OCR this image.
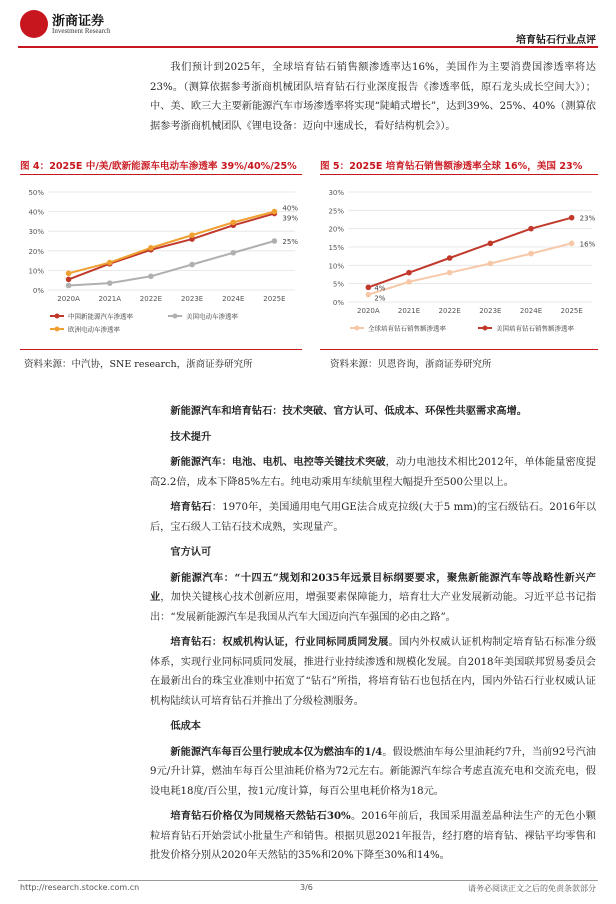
浙商证券
Investment Research
培育钻石行业点评

我们预计到2025年，全球培育钻石销售额渗透率达16%，美国作为主要消费国渗透率将达23%。（测算依据参考浙商机械团队培育钻石行业深度报告《渗透率低，原石龙头成长空间大》）；中、美、欧三大主要新能源汽车市场渗透率将实现“陡峭式增长”，达到39%、25%、40%（测算依据参考浙商机械团队《锂电设备：迈向中速成长，看好结构机会》）。

图 4：2025E 中/美/欧新能源车电动车渗透率 39%/40%/25% 图 5：2025E 培育钻石销售额渗透率全球 16%，美国 23%
0%
10%
20%
30%
40%
50%
2020A	2021A	2022E	2023E	2024E	2025E
39%
25%
40%
中国新能源汽车渗透率	美国电动车渗透率
欧洲电动车渗透率
0%
5%
10%
15%
20%
25%
30%
2020A	2021E	2022E	2023E	2024E	2025E
16%
2%
23%
4%
全球培育钻石销售额渗透率	美国培育钻石销售额渗透率
资料来源：中汽协，SNE research，浙商证券研究所	资料来源：贝恩咨询，浙商证券研究所

新能源汽车和培育钻石：技术突破、官方认可、低成本、环保性共驱需求高增。

技术提升

新能源汽车：电池、电机、电控等关键技术突破，动力电池技术相比2012年，单体能量密度提高2.2倍，成本下降85%左右。纯电动乘用车续航里程大幅提升至500公里以上。

培育钻石：1970年，美国通用电气用GE法合成克拉级(大于5 mm)的宝石级钻石。2016年以后，宝石级人工钻石技术成熟，实现量产。

官方认可

新能源汽车：“十四五”规划和2035年远景目标纲要要求，聚焦新能源汽车等战略性新兴产业，加快关键核心技术创新应用，增强要素保障能力，培育壮大产业发展新动能。习近平总书记指出：“发展新能源汽车是我国从汽车大国迈向汽车强国的必由之路”。

培育钻石：权威机构认证，行业同标同质同发展。国内外权威认证机构制定培育钻石标准分级体系，实现行业同标同质同发展，推进行业持续渗透和规模化发展。自2018年美国联邦贸易委员会在最新出台的珠宝业准则中拓宽了“钻石”所指，将培育钻石也包括在内，国内外钻石行业权威认证机构陆续认可培育钻石并推出了分级检测服务。

低成本

新能源汽车每百公里行驶成本仅为燃油车的1/4。假设燃油车每公里油耗约7升，当前92号汽油9元/升计算，燃油车每百公里油耗价格为72元左右。新能源汽车综合考虑直流充电和交流充电，假设电耗18度/百公里，按1元/度计算，每百公里电耗价格为18元。

培育钻石价格仅为同规格天然钻石30%。2016年前后，我国采用温差晶种法生产的无色小颗粒培育钻石开始尝试小批量生产和销售。根据贝恩2021年报告，经打磨的培育钻、裸钻平均零售和批发价格分别从2020年天然钻的35%和20%下降至30%和14%。

http://research.stocke.com.cn	3/6	请务必阅读正文之后的免责条款部分
